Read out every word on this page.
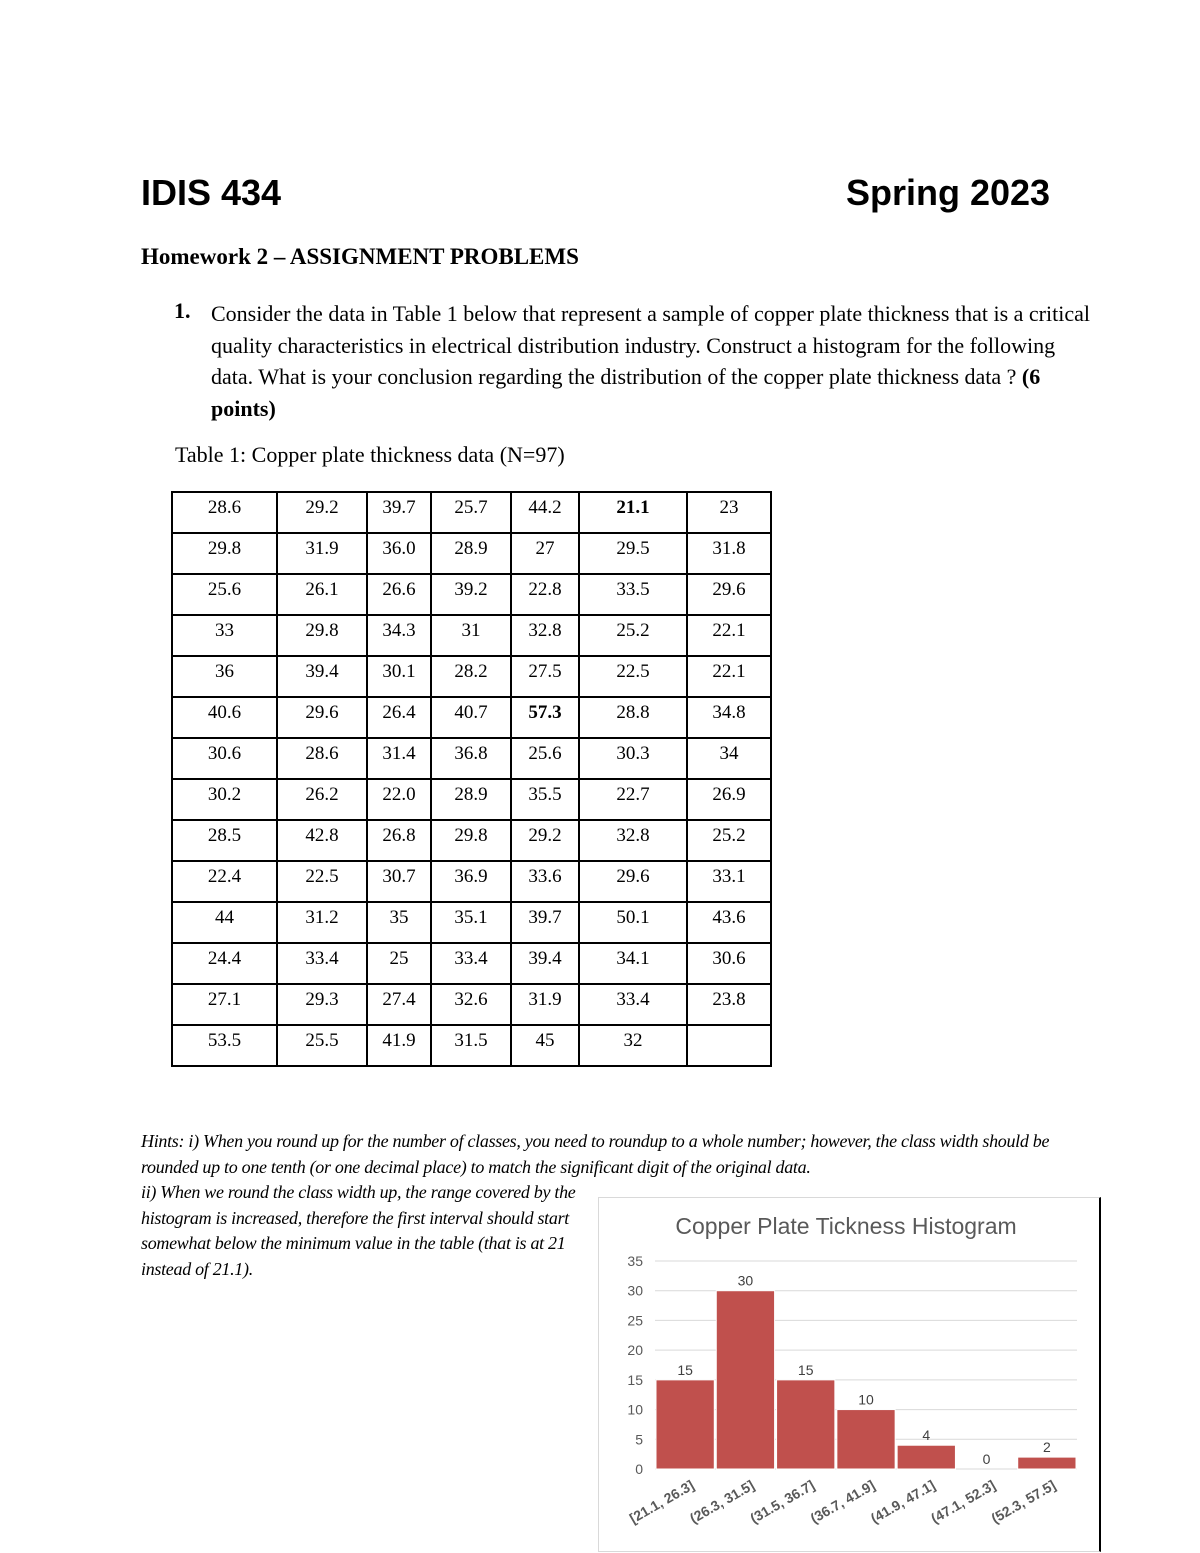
IDIS 434	Spring 2023
Homework 2 – ASSIGNMENT PROBLEMS
1. Consider the data in Table 1 below that represent a sample of copper plate thickness that is a critical quality characteristics in electrical distribution industry. Construct a histogram for the following data. What is your conclusion regarding the distribution of the copper plate thickness data ? (6 points)
Table 1: Copper plate thickness data (N=97)
28.6	29.2	39.7	25.7	44.2	21.1	23
29.8	31.9	36.0	28.9	27	29.5	31.8
25.6	26.1	26.6	39.2	22.8	33.5	29.6
33	29.8	34.3	31	32.8	25.2	22.1
36	39.4	30.1	28.2	27.5	22.5	22.1
40.6	29.6	26.4	40.7	57.3	28.8	34.8
30.6	28.6	31.4	36.8	25.6	30.3	34
30.2	26.2	22.0	28.9	35.5	22.7	26.9
28.5	42.8	26.8	29.8	29.2	32.8	25.2
22.4	22.5	30.7	36.9	33.6	29.6	33.1
44	31.2	35	35.1	39.7	50.1	43.6
24.4	33.4	25	33.4	39.4	34.1	30.6
27.1	29.3	27.4	32.6	31.9	33.4	23.8
53.5	25.5	41.9	31.5	45	32	
Hints: i) When you round up for the number of classes, you need to roundup to a whole number; however, the class width should be rounded up to one tenth (or one decimal place) to match the significant digit of the original data.
ii) When we round the class width up, the range covered by the histogram is increased, therefore the first interval should start somewhat below the minimum value in the table (that is at 21 instead of 21.1).
Copper Plate Tickness Histogram
0
5
10
15
20
25
30
35
15
[21.1, 26.3]
30
(26.3, 31.5]
15
(31.5, 36.7]
10
(36.7, 41.9]
4
(41.9, 47.1]
0
(47.1, 52.3]
2
(52.3, 57.5]
